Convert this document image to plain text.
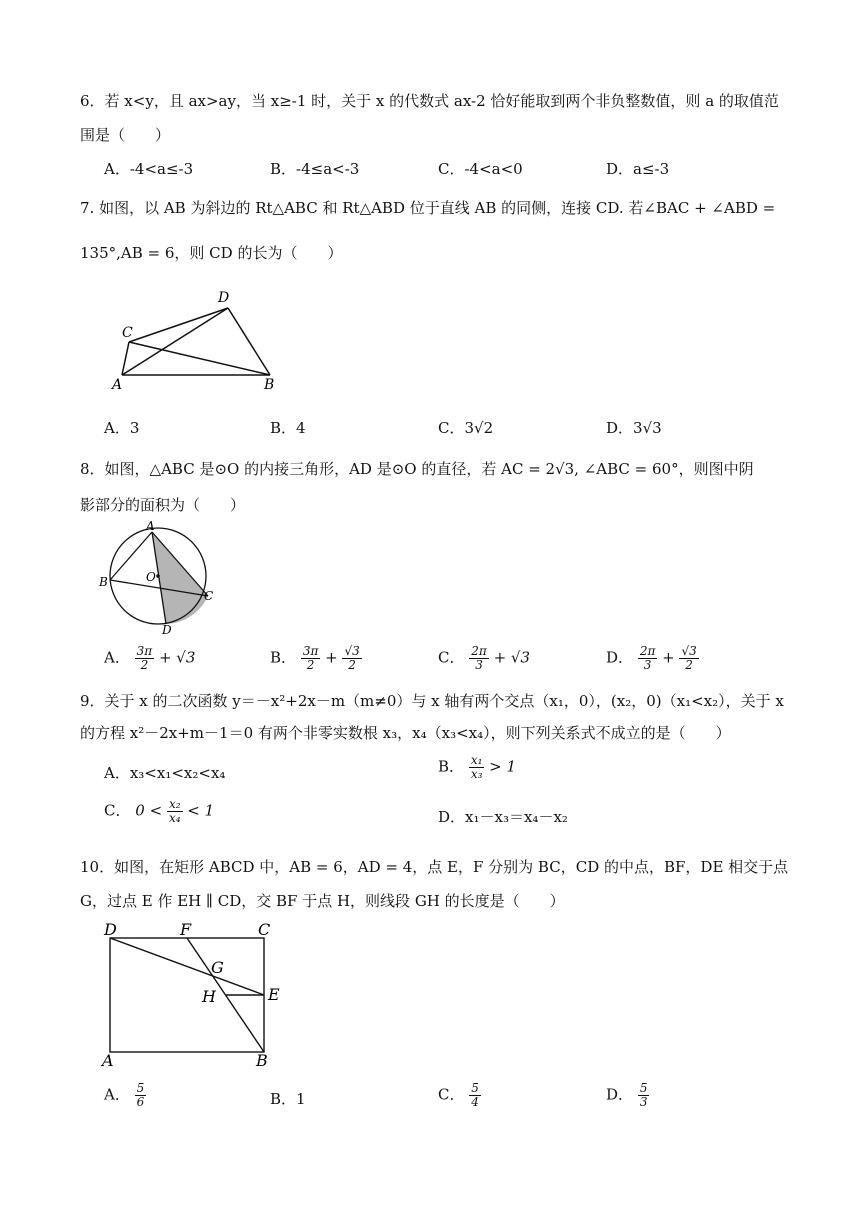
6．若 x<y，且 ax>ay，当 x≥-1 时，关于 x 的代数式 ax-2 恰好能取到两个非负整数值，则 a 的取值范
围是（　　）
A．-4<a≤-3	B．-4≤a<-3	C．-4<a<0	D．a≤-3
7. 如图，以 AB 为斜边的 Rt△ABC 和 Rt△ABD 位于直线 AB 的同侧，连接 CD. 若∠BAC + ∠ABD =
135°,AB = 6，则 CD 的长为（　　）
A	B
C
D
A．3	B．4	C．3√2	D．3√3
8．如图，△ABC 是⊙O 的内接三角形，AD 是⊙O 的直径，若 AC = 2√3, ∠ABC = 60°，则图中阴
影部分的面积为（　　）
A
B
C
D
O
A． $\frac{3\pi}{2} + √3$	B． $\frac{3\pi}{2} + \frac{√3}{2}$	C． $\frac{2\pi}{3} + √3$	D． $\frac{2\pi}{3} + \frac{√3}{2}$
9．关于 x 的二次函数 y＝－x²+2x－m（m≠0）与 x 轴有两个交点（x₁，0），(x₂，0)（x₁<x₂），关于 x
的方程 x²－2x+m－1＝0 有两个非零实数根 x₃，x₄（x₃<x₄），则下列关系式不成立的是（　　）
A．x₃<x₁<x₂<x₄	B． $\frac{\text{x₁}}{\text{x₃}} > 1$
C． $0 < \frac{\text{x₂}}{\text{x₄}} < 1$	D．x₁－x₃＝x₄－x₂
10．如图，在矩形 ABCD 中，AB = 6，AD = 4，点 E，F 分别为 BC，CD 的中点，BF，DE 相交于点
G，过点 E 作 EH ∥ CD，交 BF 于点 H，则线段 GH 的长度是（　　）
D	F	C
G
H	E
A	B
A． $\frac{5}{6}$	B．1	C． $\frac{5}{4}$	D． $\frac{5}{3}$
